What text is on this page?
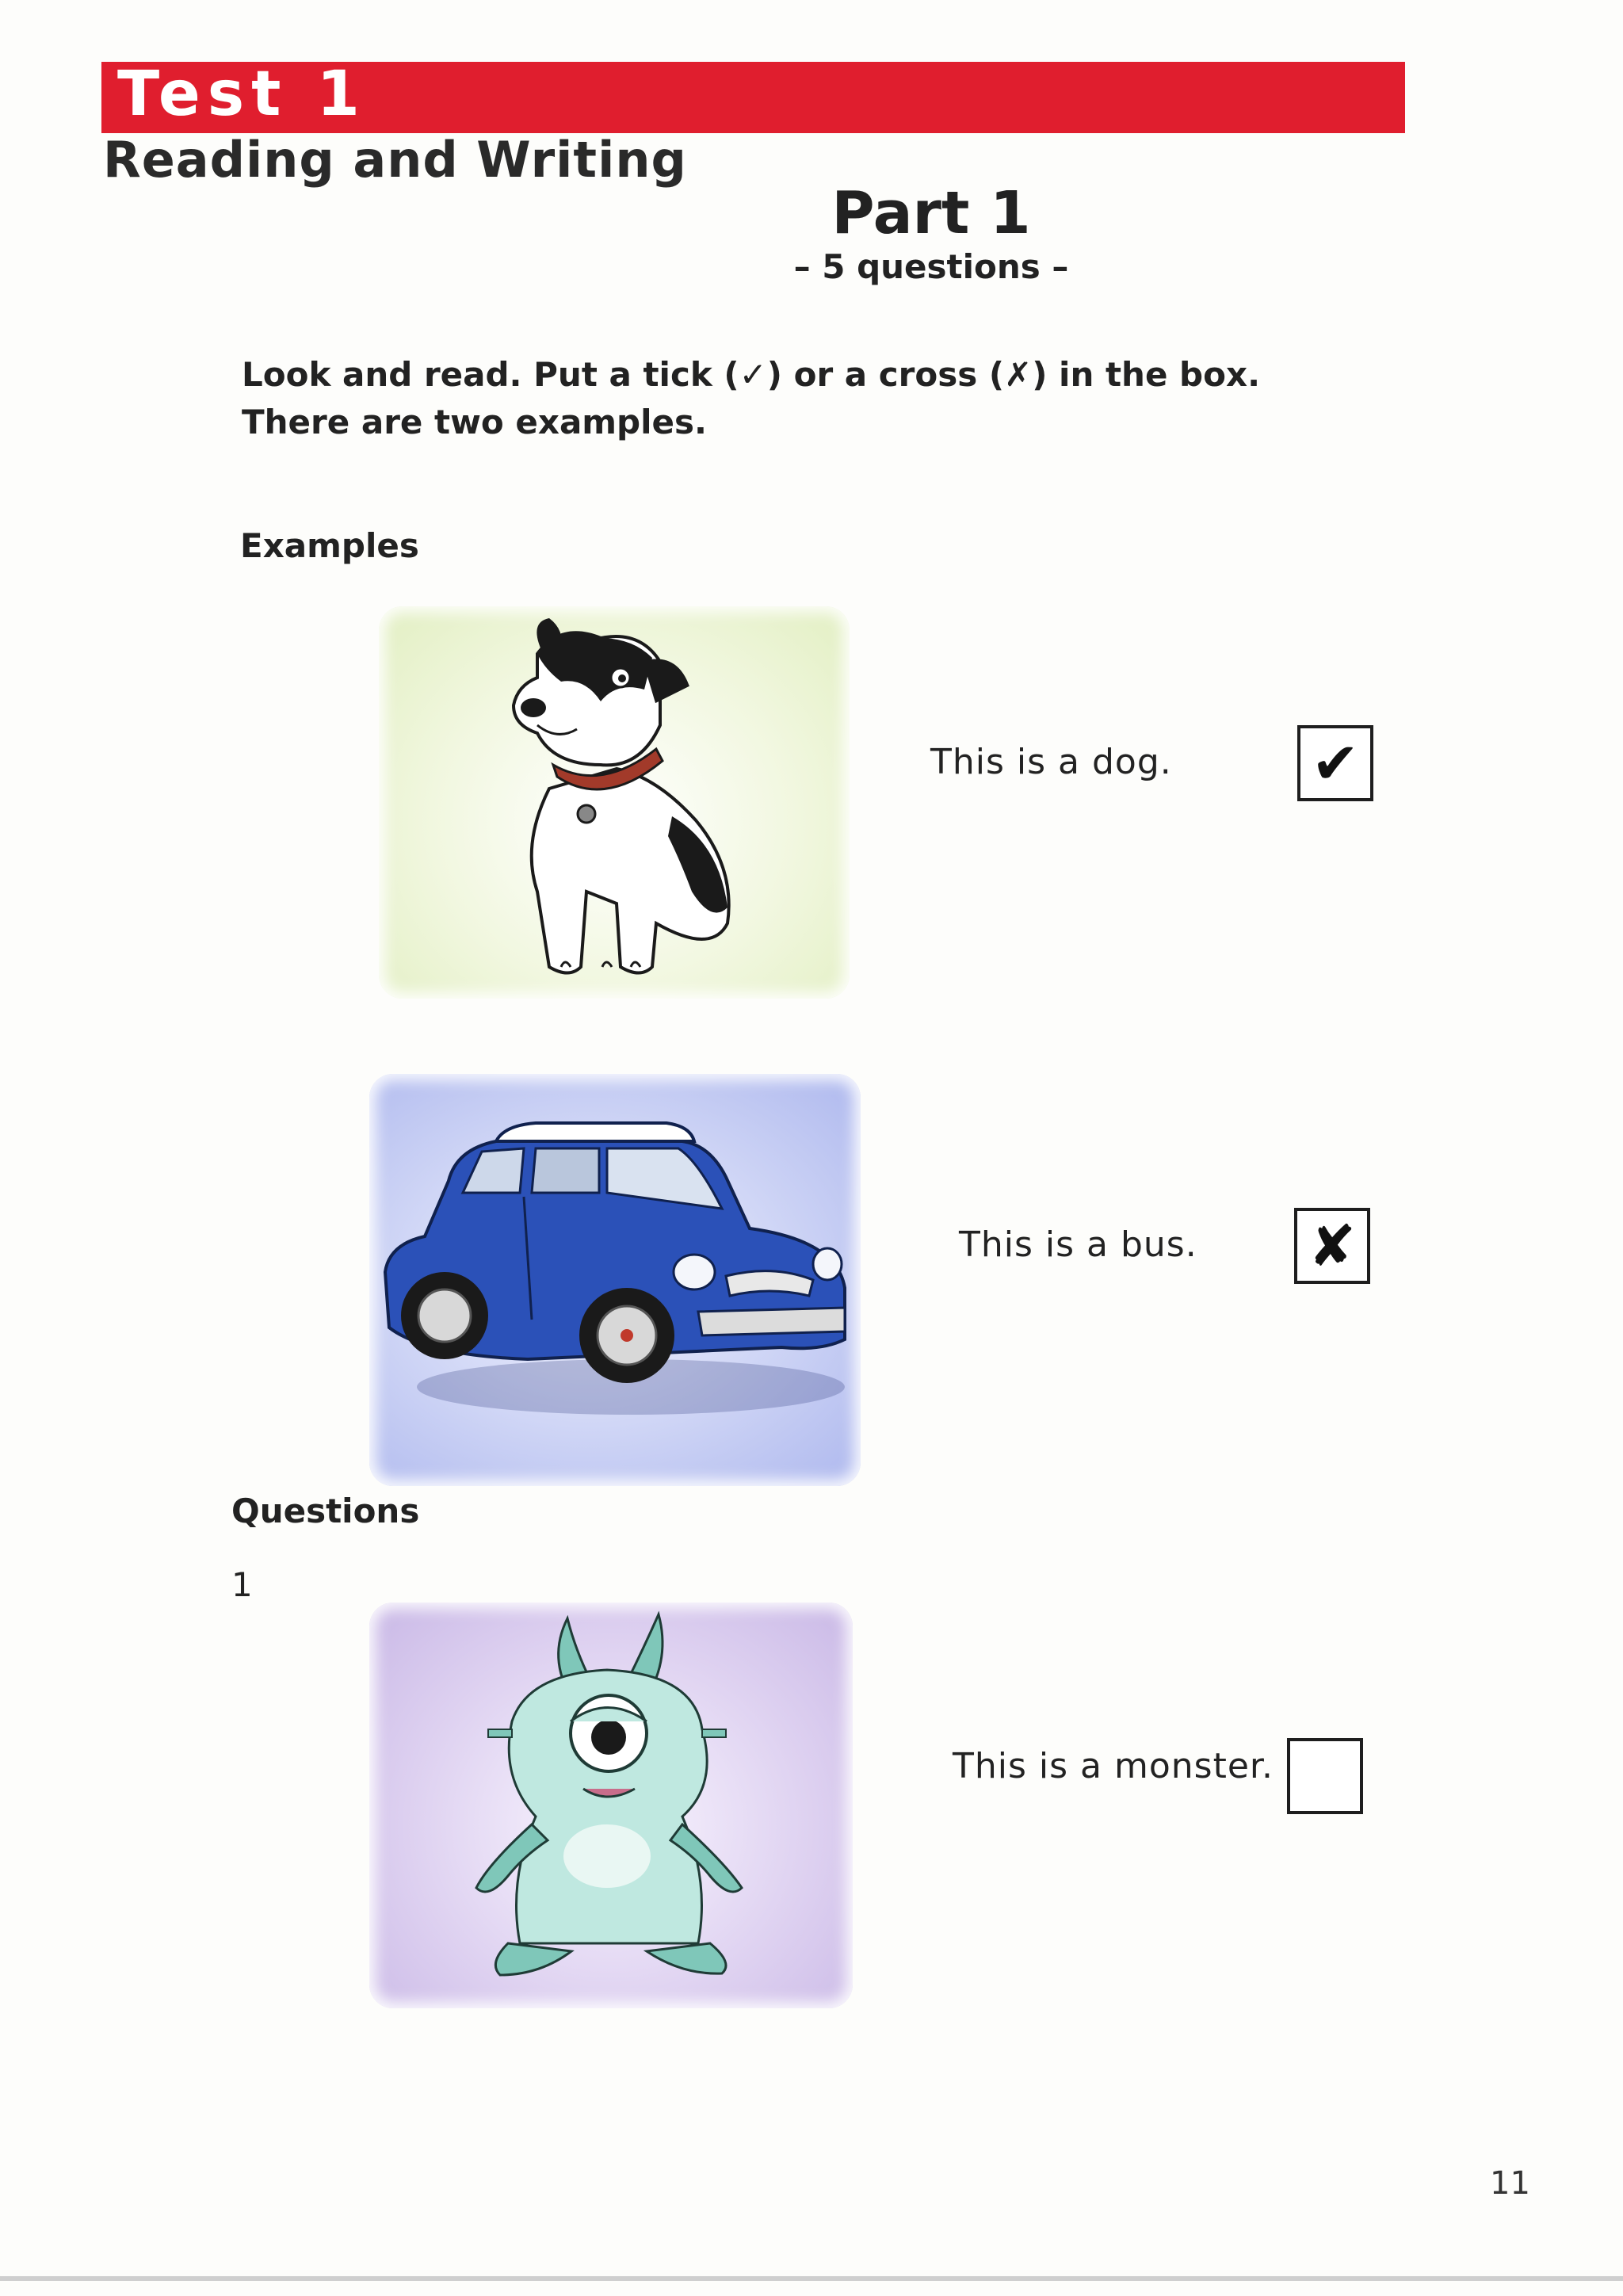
Test 1
Reading and Writing
Part 1
– 5 questions –
Look and read. Put a tick (✓) or a cross (✗) in the box.
There are two examples.
Examples
This is a dog. ✔
This is a bus. ✘
Questions
1
This is a monster.
11
